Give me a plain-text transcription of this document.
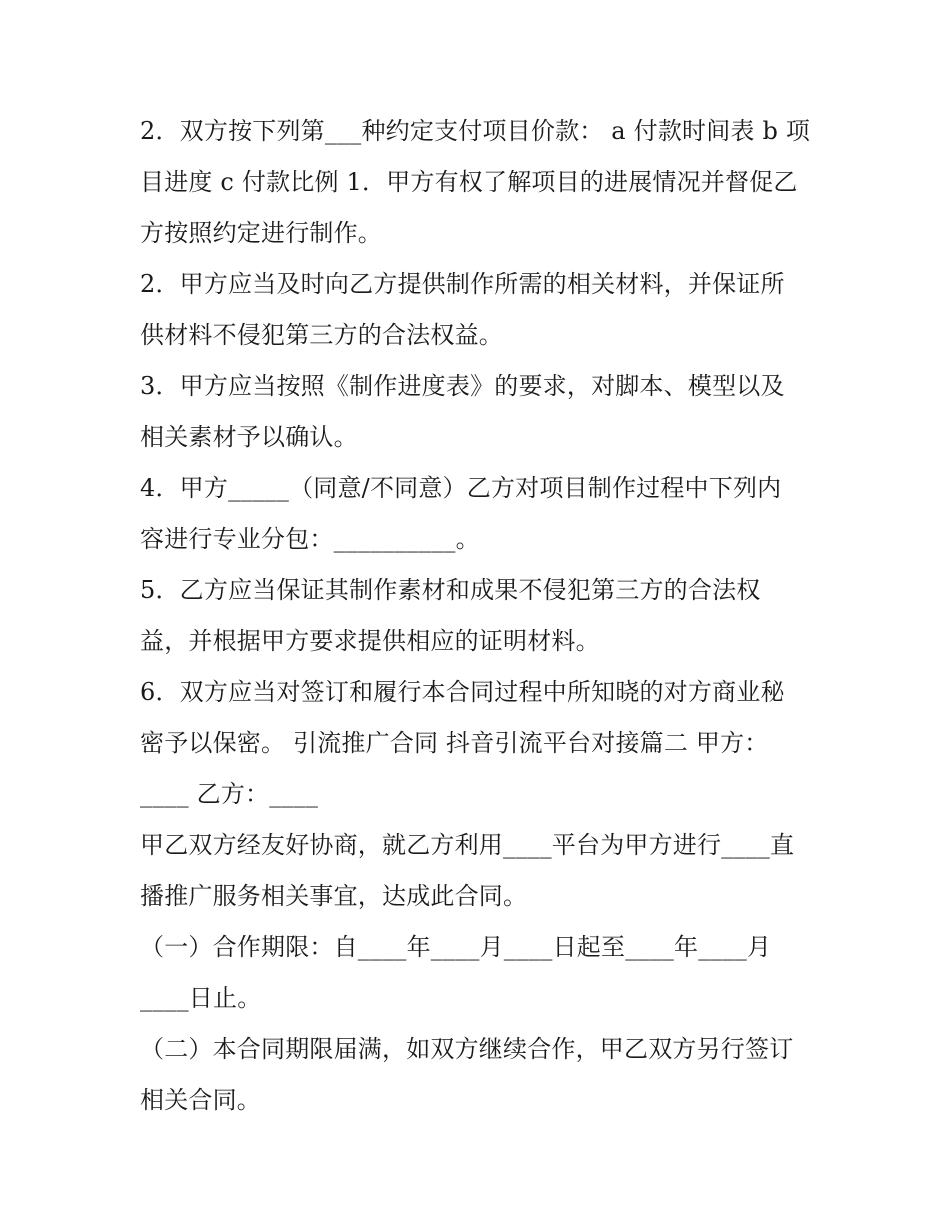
2．双方按下列第___种约定支付项目价款： a 付款时间表 b 项
目进度 c 付款比例 1．甲方有权了解项目的进展情况并督促乙
方按照约定进行制作。
2．甲方应当及时向乙方提供制作所需的相关材料，并保证所
供材料不侵犯第三方的合法权益。
3．甲方应当按照《制作进度表》的要求，对脚本、模型以及
相关素材予以确认。
4．甲方_____（同意/不同意）乙方对项目制作过程中下列内
容进行专业分包：__________。
5．乙方应当保证其制作素材和成果不侵犯第三方的合法权
益，并根据甲方要求提供相应的证明材料。
6．双方应当对签订和履行本合同过程中所知晓的对方商业秘
密予以保密。 引流推广合同 抖音引流平台对接篇二 甲方：
____ 乙方：____
甲乙双方经友好协商，就乙方利用____平台为甲方进行____直
播推广服务相关事宜，达成此合同。
（一）合作期限：自____年____月____日起至____年____月
____日止。
（二）本合同期限届满，如双方继续合作，甲乙双方另行签订
相关合同。
